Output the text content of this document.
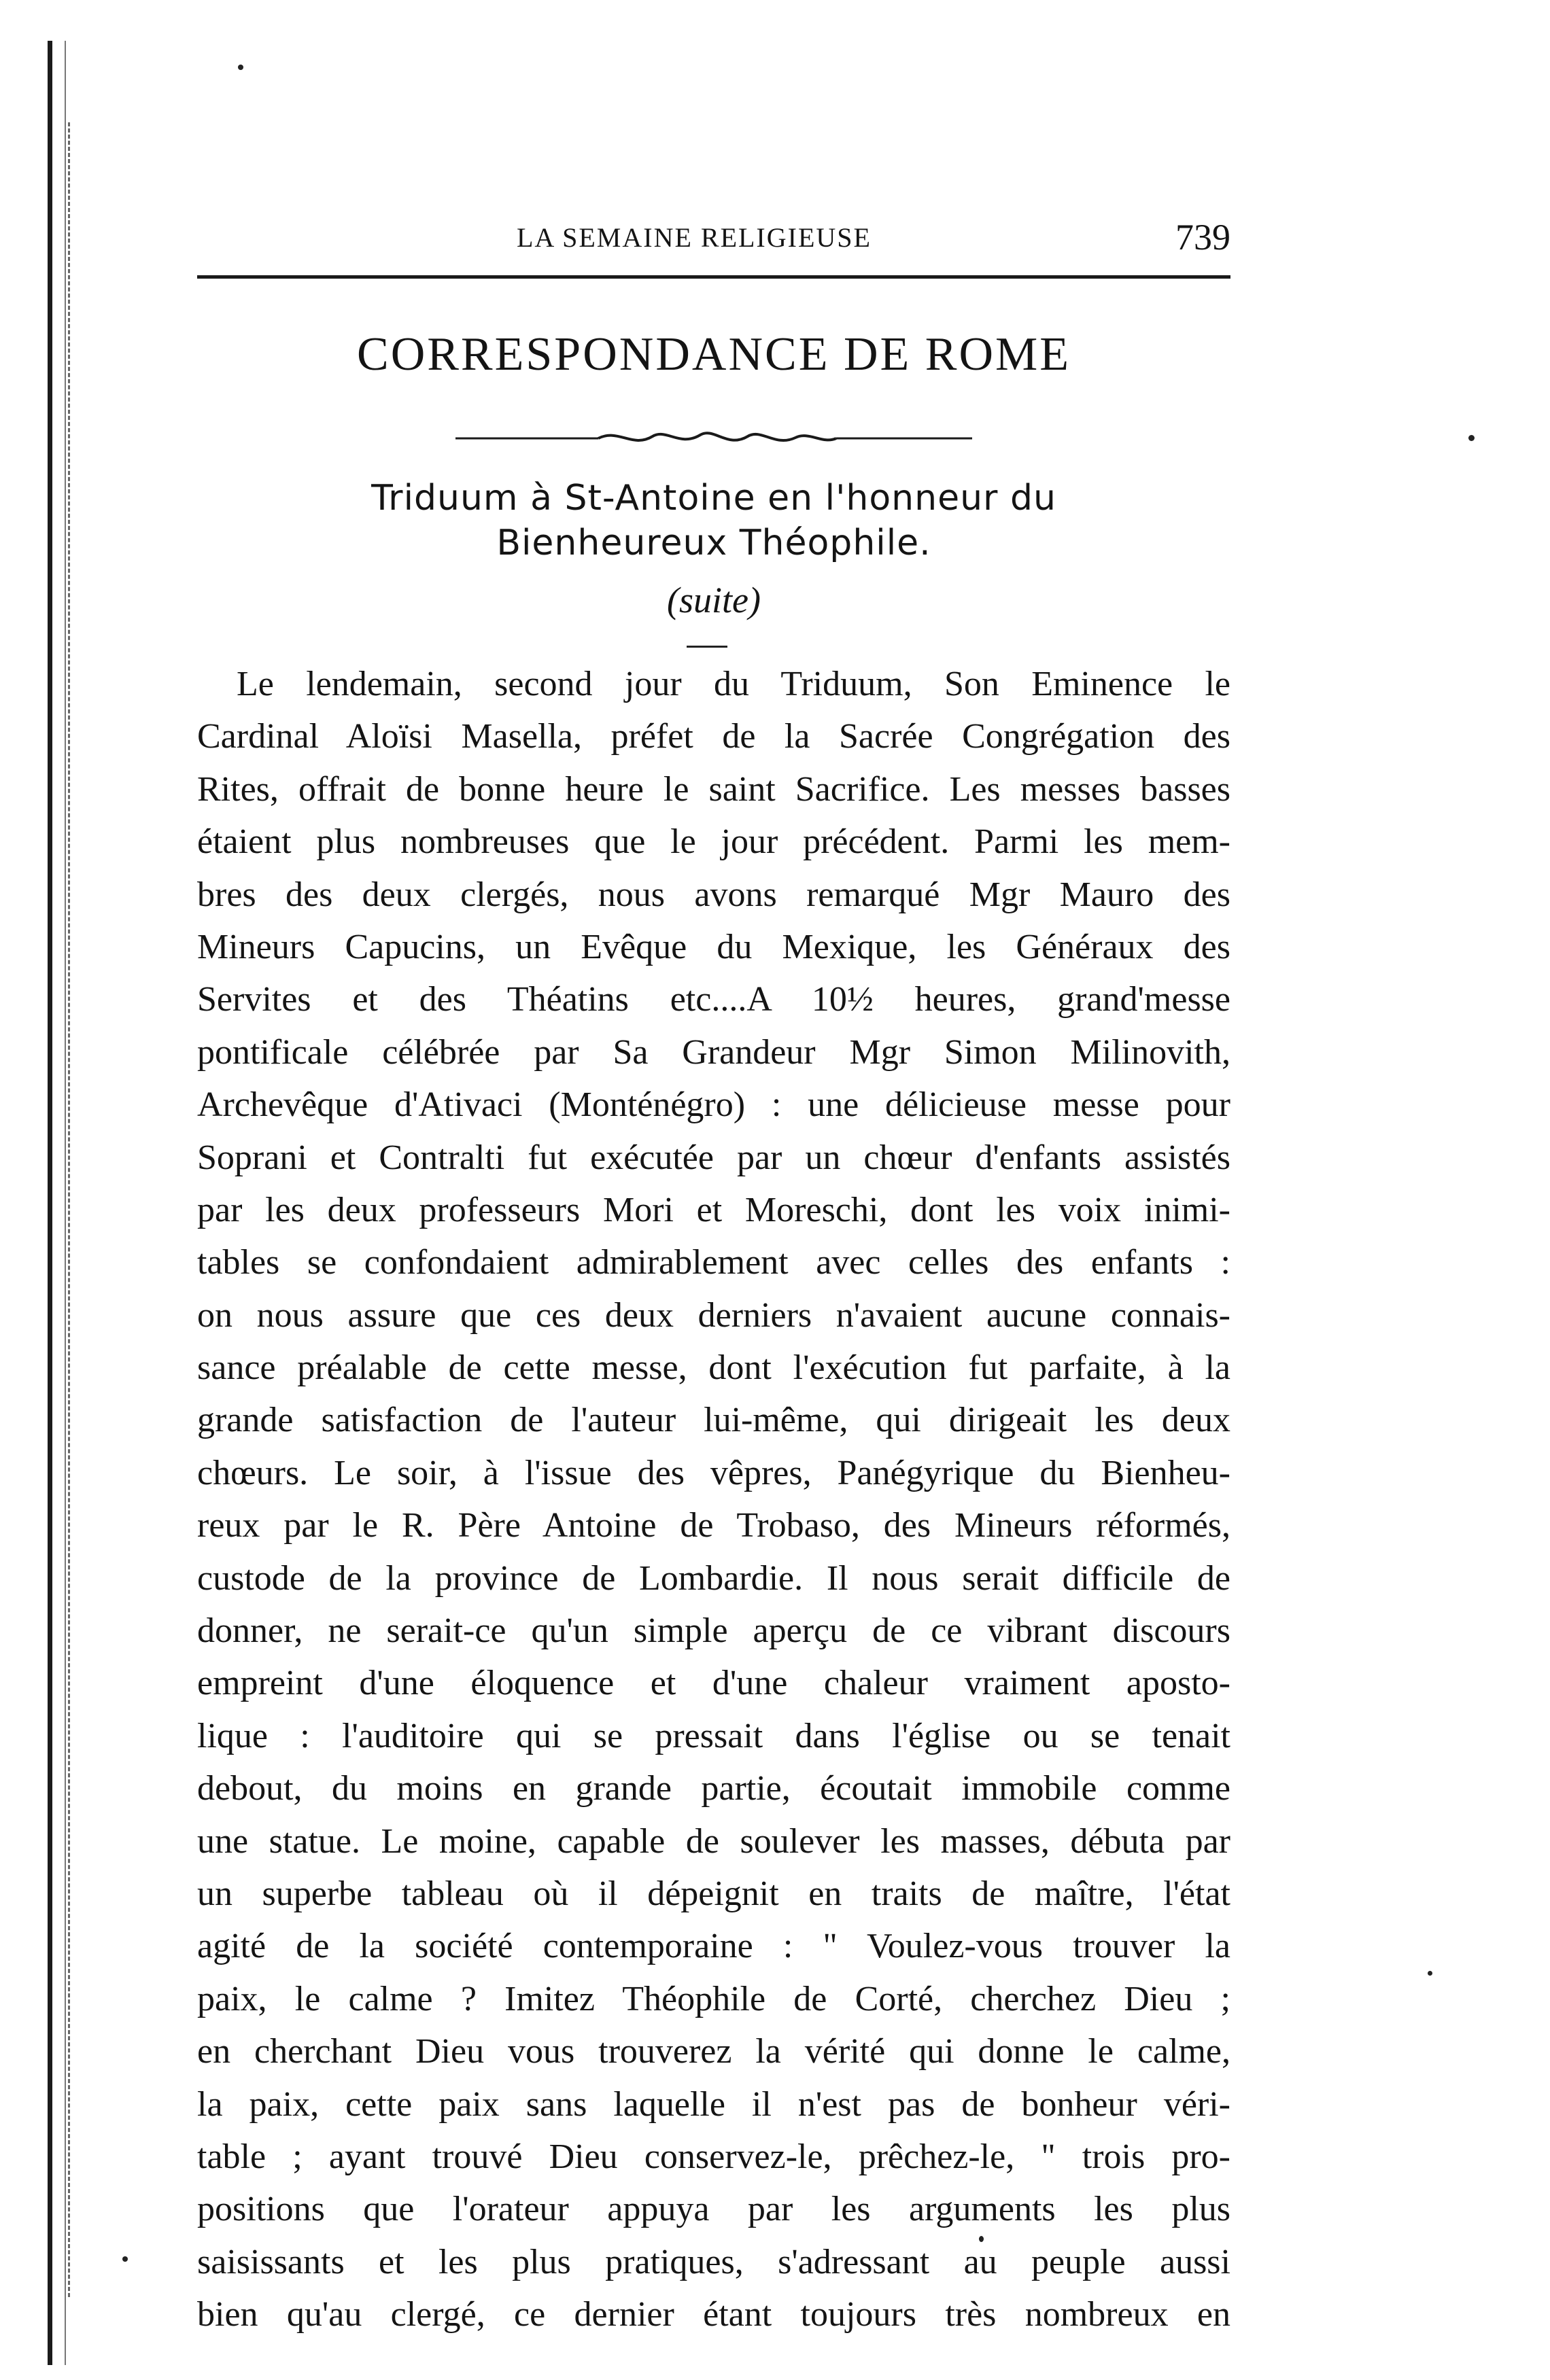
LA SEMAINE RELIGIEUSE	739
CORRESPONDANCE DE ROME
Triduum à St-Antoine en l'honneur du
Bienheureux Théophile.
(suite)
Le lendemain, second jour du Triduum, Son Eminence le
Cardinal Aloïsi Masella, préfet de la Sacrée Congrégation des
Rites, offrait de bonne heure le saint Sacrifice. Les messes basses
étaient plus nombreuses que le jour précédent. Parmi les mem-
bres des deux clergés, nous avons remarqué Mgr Mauro des
Mineurs Capucins, un Evêque du Mexique, les Généraux des
Servites et des Théatins etc....A 10½ heures, grand'messe
pontificale célébrée par Sa Grandeur Mgr Simon Milinovith,
Archevêque d'Ativaci (Monténégro) : une délicieuse messe pour
Soprani et Contralti fut exécutée par un chœur d'enfants assistés
par les deux professeurs Mori et Moreschi, dont les voix inimi-
tables se confondaient admirablement avec celles des enfants :
on nous assure que ces deux derniers n'avaient aucune connais-
sance préalable de cette messe, dont l'exécution fut parfaite, à la
grande satisfaction de l'auteur lui-même, qui dirigeait les deux
chœurs. Le soir, à l'issue des vêpres, Panégyrique du Bienheu-
reux par le R. Père Antoine de Trobaso, des Mineurs réformés,
custode de la province de Lombardie. Il nous serait difficile de
donner, ne serait-ce qu'un simple aperçu de ce vibrant discours
empreint d'une éloquence et d'une chaleur vraiment aposto-
lique : l'auditoire qui se pressait dans l'église ou se tenait
debout, du moins en grande partie, écoutait immobile comme
une statue. Le moine, capable de soulever les masses, débuta par
un superbe tableau où il dépeignit en traits de maître, l'état
agité de la société contemporaine : " Voulez-vous trouver la
paix, le calme ? Imitez Théophile de Corté, cherchez Dieu ;
en cherchant Dieu vous trouverez la vérité qui donne le calme,
la paix, cette paix sans laquelle il n'est pas de bonheur véri-
table ; ayant trouvé Dieu conservez-le, prêchez-le, " trois pro-
positions que l'orateur appuya par les arguments les plus
saisissants et les plus pratiques, s'adressant au peuple aussi
bien qu'au clergé, ce dernier étant toujours très nombreux en
